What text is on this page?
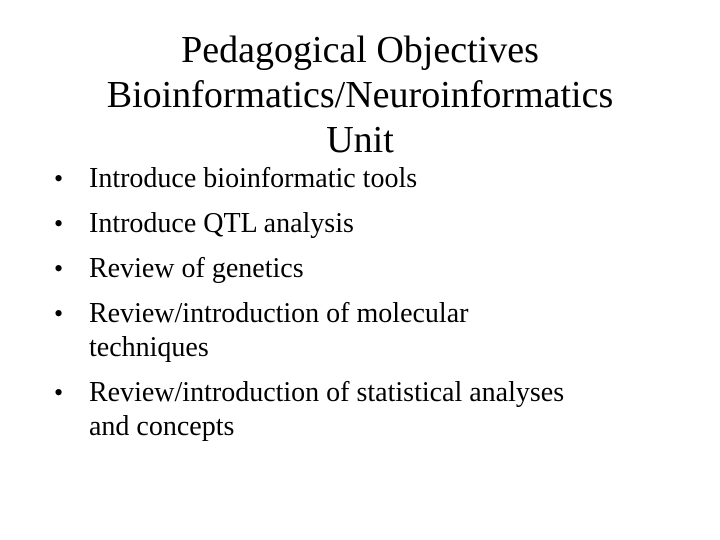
Pedagogical Objectives
Bioinformatics/Neuroinformatics
Unit
• Introduce bioinformatic tools
• Introduce QTL analysis
• Review of genetics
• Review/introduction of molecular
techniques
• Review/introduction of statistical analyses
and concepts
